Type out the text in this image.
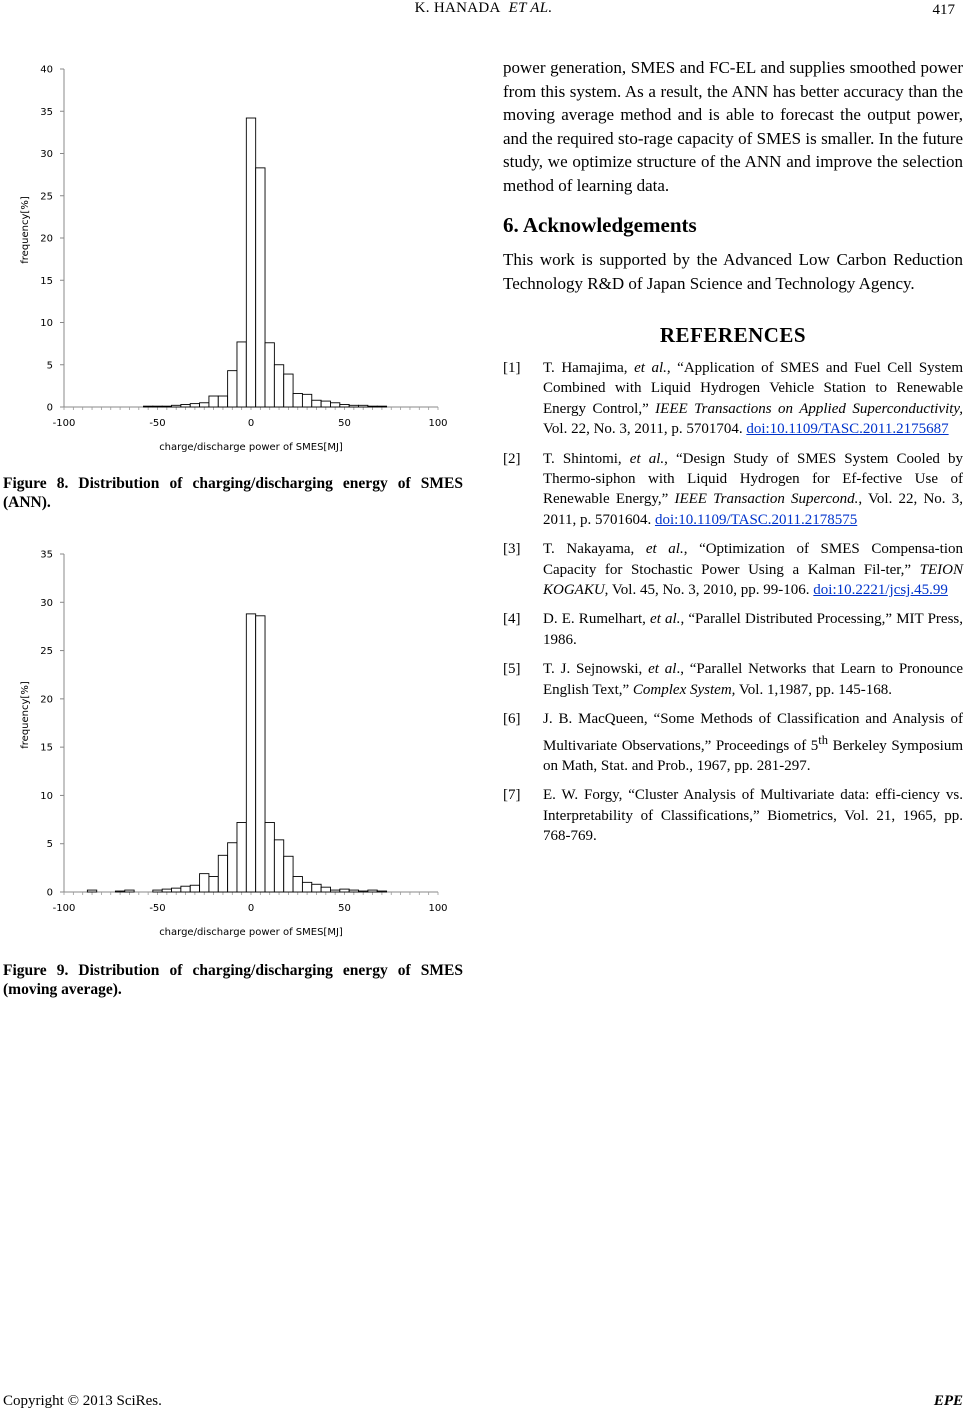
K. HANADA ET AL.	417
0
5
10
15
20
25
30
35
40
-100	-50	0	50	100
charge/discharge power of SMES[MJ]
frequency[%]
Figure 8. Distribution of charging/discharging energy of SMES (ANN).
0
5
10
15
20
25
30
35
-100	-50	0	50	100
charge/discharge power of SMES[MJ]
frequency[%]
Figure 9. Distribution of charging/discharging energy of SMES (moving average).

power generation, SMES and FC-EL and supplies smoothed power from this system. As a result, the ANN has better accuracy than the moving average method and is able to forecast the output power, and the required sto-rage capacity of SMES is smaller. In the future study, we optimize structure of the ANN and improve the selection method of learning data.

6. Acknowledgements

This work is supported by the Advanced Low Carbon Reduction Technology R&D of Japan Science and Technology Agency.

REFERENCES

[1] T. Hamajima, et al., “Application of SMES and Fuel Cell System Combined with Liquid Hydrogen Vehicle Station to Renewable Energy Control,” IEEE Transactions on Applied Superconductivity, Vol. 22, No. 3, 2011, p. 5701704. doi:10.1109/TASC.2011.2175687

[2] T. Shintomi, et al., “Design Study of SMES System Cooled by Thermo-siphon with Liquid Hydrogen for Ef-fective Use of Renewable Energy,” IEEE Transaction Supercond., Vol. 22, No. 3, 2011, p. 5701604. doi:10.1109/TASC.2011.2178575

[3] T. Nakayama, et al., “Optimization of SMES Compensa-tion Capacity for Stochastic Power Using a Kalman Fil-ter,” TEION KOGAKU, Vol. 45, No. 3, 2010, pp. 99-106. doi:10.2221/jcsj.45.99

[4] D. E. Rumelhart, et al., “Parallel Distributed Processing,” MIT Press, 1986.

[5] T. J. Sejnowski, et al., “Parallel Networks that Learn to Pronounce English Text,” Complex System, Vol. 1,1987, pp. 145-168.

[6] J. B. MacQueen, “Some Methods of Classification and Analysis of Multivariate Observations,” Proceedings of 5th Berkeley Symposium on Math, Stat. and Prob., 1967, pp. 281-297.

[7] E. W. Forgy, “Cluster Analysis of Multivariate data: effi-ciency vs. Interpretability of Classifications,” Biometrics, Vol. 21, 1965, pp. 768-769.

Copyright © 2013 SciRes.	EPE
